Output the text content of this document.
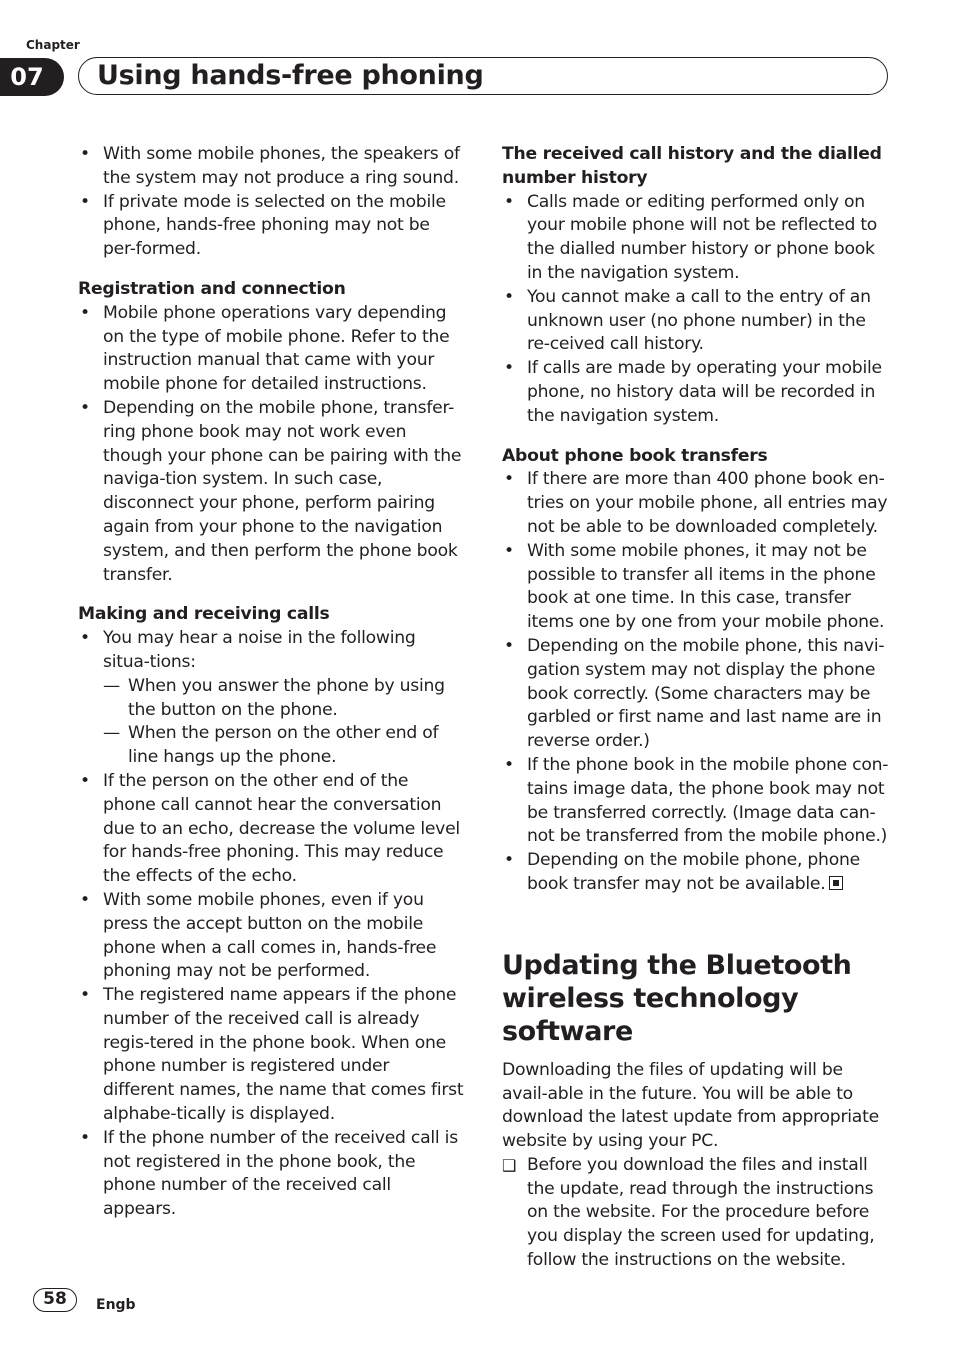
Chapter
07	Using hands-free phoning
• With some mobile phones, the speakers of the system may not produce a ring sound.
• If private mode is selected on the mobile phone, hands-free phoning may not be per-formed.
Registration and connection
• Mobile phone operations vary depending on the type of mobile phone. Refer to the instruction manual that came with your mobile phone for detailed instructions.
• Depending on the mobile phone, transfer-ring phone book may not work even though your phone can be pairing with the naviga-tion system. In such case, disconnect your phone, perform pairing again from your phone to the navigation system, and then perform the phone book transfer.
Making and receiving calls
• You may hear a noise in the following situa-tions:
— When you answer the phone by using the button on the phone.
— When the person on the other end of line hangs up the phone.
• If the person on the other end of the phone call cannot hear the conversation due to an echo, decrease the volume level for hands-free phoning. This may reduce the effects of the echo.
• With some mobile phones, even if you press the accept button on the mobile phone when a call comes in, hands-free phoning may not be performed.
• The registered name appears if the phone number of the received call is already regis-tered in the phone book. When one phone number is registered under different names, the name that comes first alphabe-tically is displayed.
• If the phone number of the received call is not registered in the phone book, the phone number of the received call appears.
The received call history and the dialled number history
• Calls made or editing performed only on your mobile phone will not be reflected to the dialled number history or phone book in the navigation system.
• You cannot make a call to the entry of an unknown user (no phone number) in the re-ceived call history.
• If calls are made by operating your mobile phone, no history data will be recorded in the navigation system.
About phone book transfers
• If there are more than 400 phone book en-tries on your mobile phone, all entries may not be able to be downloaded completely.
• With some mobile phones, it may not be possible to transfer all items in the phone book at one time. In this case, transfer items one by one from your mobile phone.
• Depending on the mobile phone, this navi-gation system may not display the phone book correctly. (Some characters may be garbled or first name and last name are in reverse order.)
• If the phone book in the mobile phone con-tains image data, the phone book may not be transferred correctly. (Image data can-not be transferred from the mobile phone.)
• Depending on the mobile phone, phone book transfer may not be available.
Updating the Bluetooth wireless technology software

Downloading the files of updating will be avail-able in the future. You will be able to download the latest update from appropriate website by using your PC.

❑ Before you download the files and install the update, read through the instructions on the website. For the procedure before you display the screen used for updating, follow the instructions on the website.
58	Engb
